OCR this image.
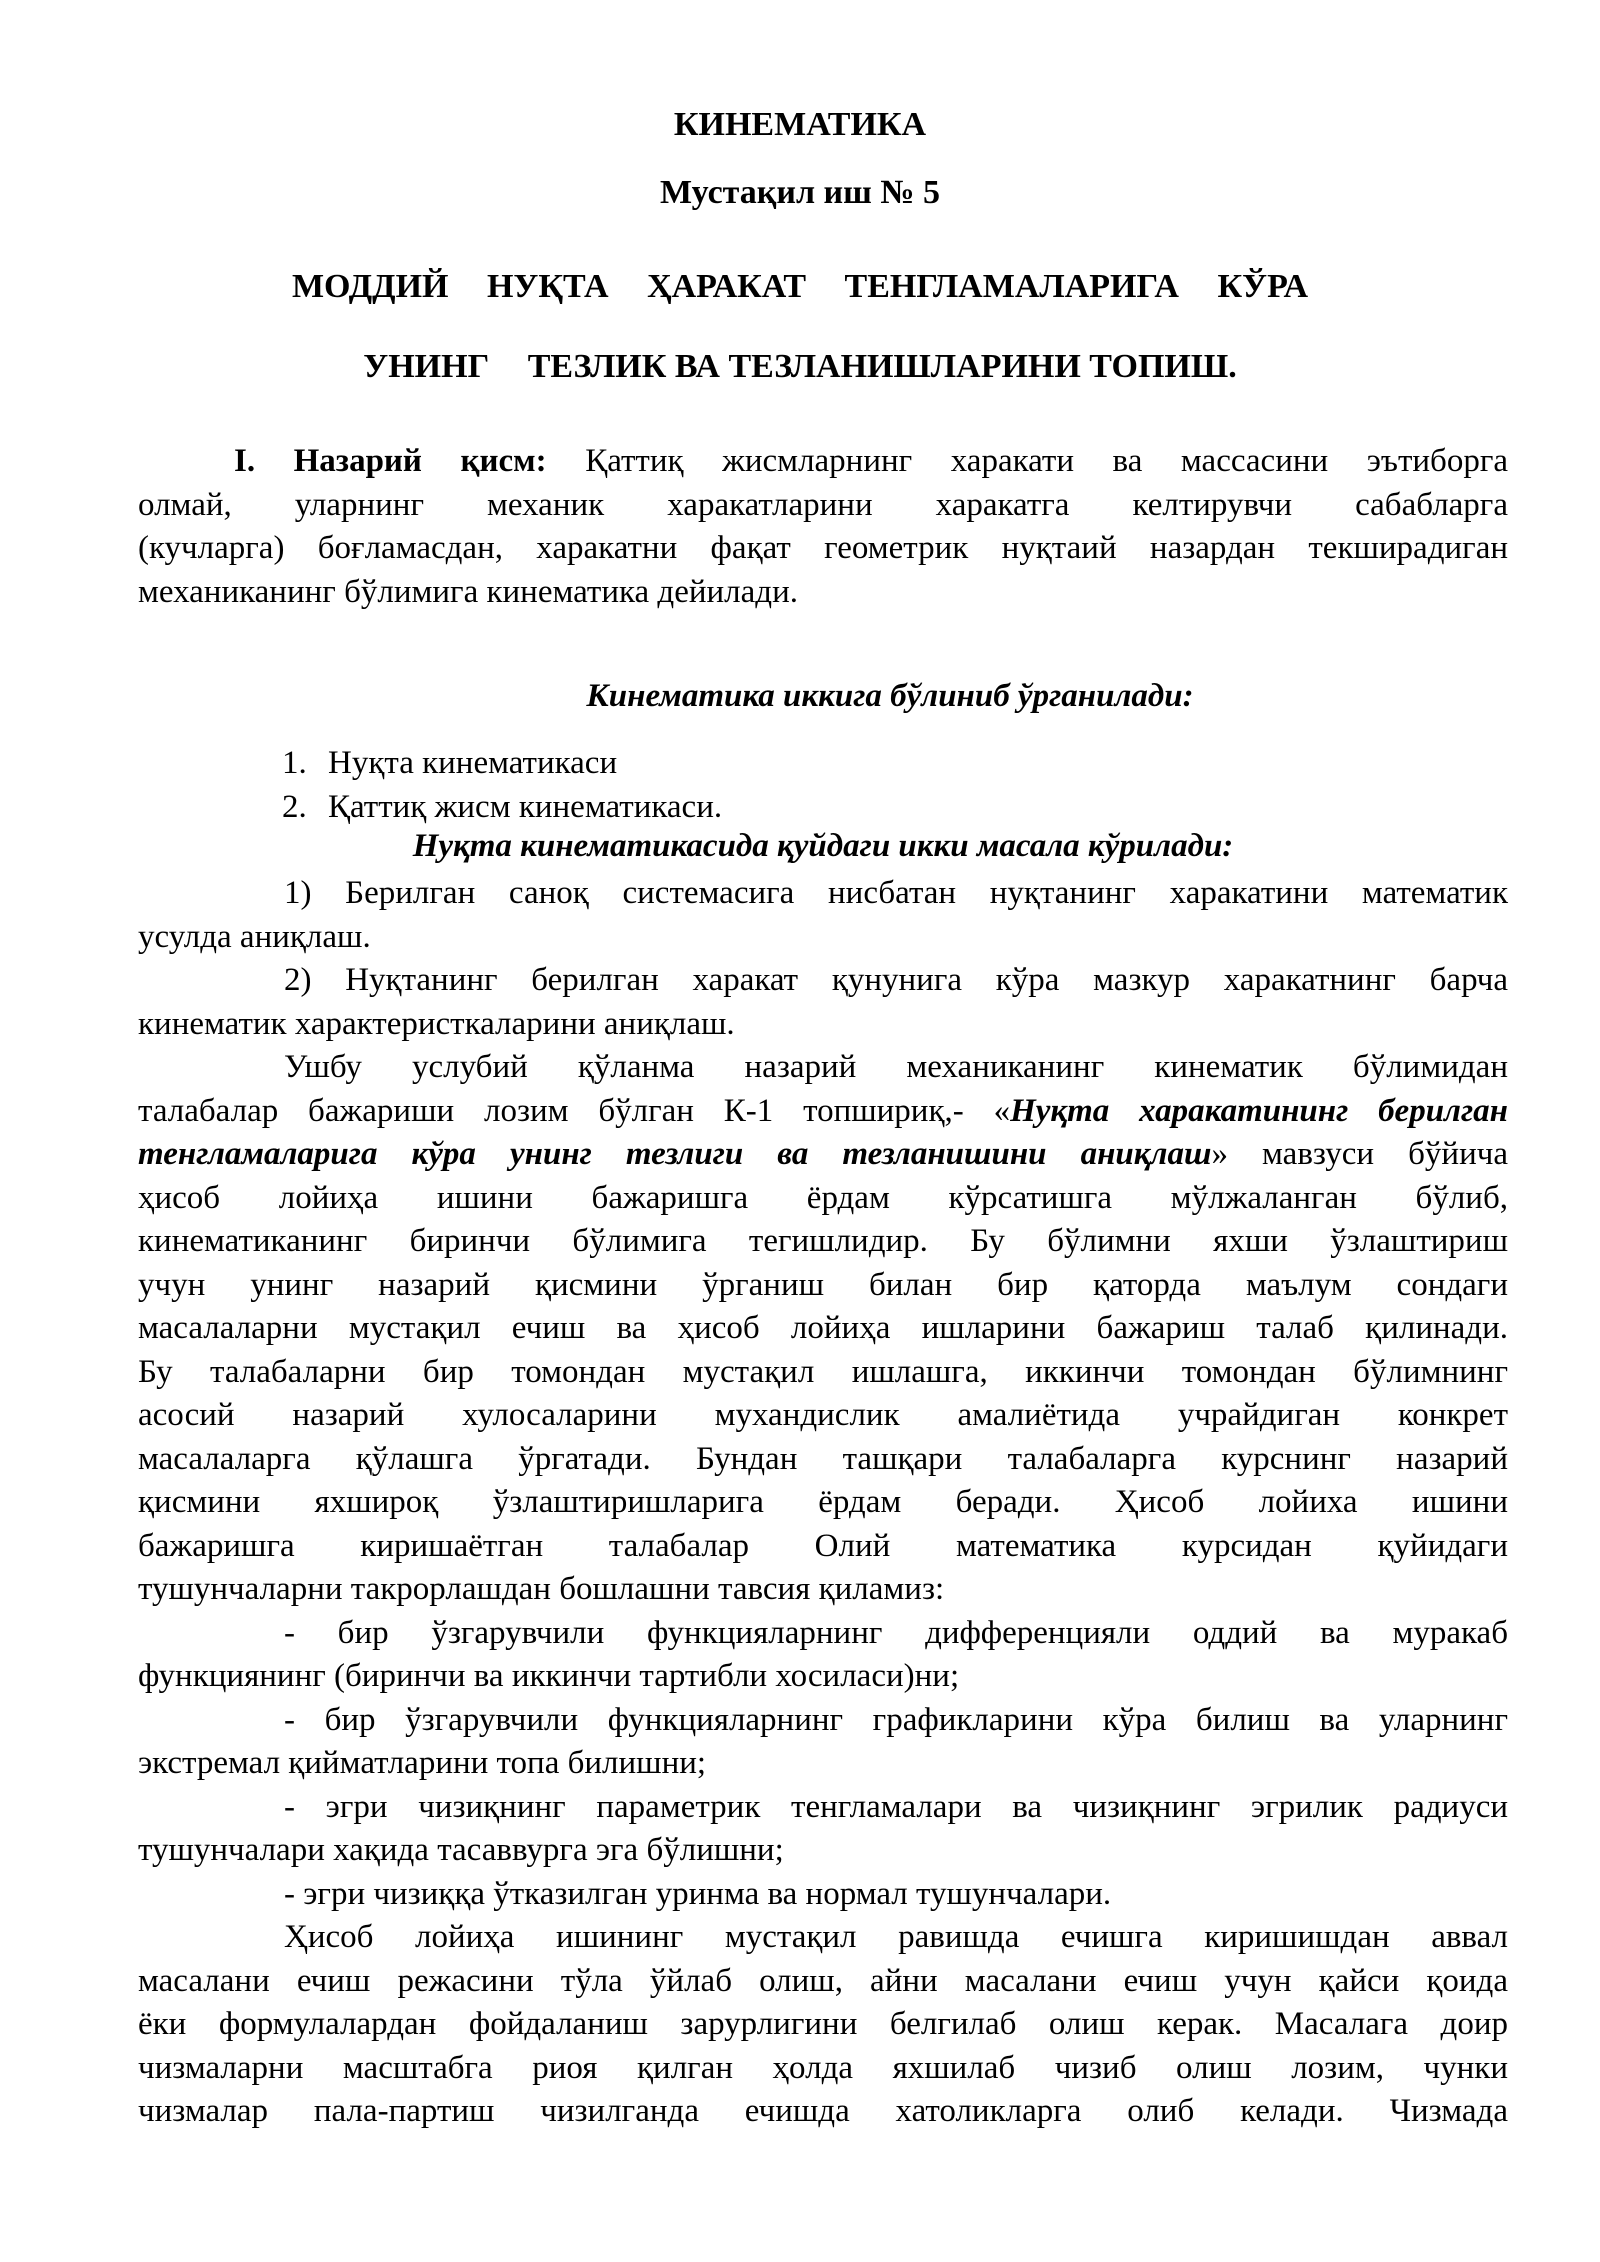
КИНЕМАТИКА
Мустақил иш № 5
МОДДИЙ НУҚТА ҲАРАКАТ ТЕНГЛАМАЛАРИГА КЎРА
УНИНГ ТЕЗЛИК ВА ТЕЗЛАНИШЛАРИНИ ТОПИШ.

I. Назарий қисм: Қаттиқ жисмларнинг харакати ва массасини эътиборга

олмай, уларнинг механик харакатларини харакатга келтирувчи сабабларга

(кучларга) боғламасдан, харакатни фақат геометрик нуқтаий назардан текширадиган

механиканинг бўлимига кинематика дейилади.

Кинематика иккига бўлиниб ўрганилади:

1. Нуқта кинематикаси
2. Қаттиқ жисм кинематикаси.

Нуқта кинематикасида қуйдаги икки масала кўрилади:

1) Берилган саноқ системасига нисбатан нуқтанинг харакатини математик

усулда аниқлаш.

2) Нуқтанинг берилган харакат қунунига кўра мазкур харакатнинг барча

кинематик характеристкаларини аниқлаш.

Ушбу услубий қўланма назарий механиканинг кинематик бўлимидан

талабалар бажариши лозим бўлган К-1 топшириқ,- «Нуқта харакатининг берилган

тенгламаларига кўра унинг тезлиги ва тезланишини аниқлаш» мавзуси бўйича

ҳисоб лойиҳа ишини бажаришга ёрдам кўрсатишга мўлжаланган бўлиб,

кинематиканинг биринчи бўлимига тегишлидир. Бу бўлимни яхши ўзлаштириш

учун унинг назарий қисмини ўрганиш билан бир қаторда маълум сондаги

масалаларни мустақил ечиш ва ҳисоб лойиҳа ишларини бажариш талаб қилинади.

Бу талабаларни бир томондан мустақил ишлашга, иккинчи томондан бўлимнинг

асосий назарий хулосаларини мухандислик амалиётида учрайдиган конкрет

масалаларга қўлашга ўргатади. Бундан ташқари талабаларга курснинг назарий

қисмини яхшироқ ўзлаштиришларига ёрдам беради. Ҳисоб лойиха ишини

бажаришга киришаётган талабалар Олий математика курсидан қуйидаги

тушунчаларни такрорлашдан бошлашни тавсия қиламиз:

- бир ўзгарувчили функцияларнинг дифференцияли оддий ва муракаб

функциянинг (биринчи ва иккинчи тартибли хосиласи)ни;

- бир ўзгарувчили функцияларнинг графикларини кўра билиш ва уларнинг

экстремал қийматларини топа билишни;

- эгри чизиқнинг параметрик тенгламалари ва чизиқнинг эгрилик радиуси

тушунчалари хақида тасаввурга эга бўлишни;

- эгри чизиққа ўтказилган уринма ва нормал тушунчалари.

Ҳисоб лойиҳа ишининг мустақил равишда ечишга киришишдан аввал

масалани ечиш режасини тўла ўйлаб олиш, айни масалани ечиш учун қайси қоида

ёки формулалардан фойдаланиш зарурлигини белгилаб олиш керак. Масалага доир

чизмаларни масштабга риоя қилган ҳолда яхшилаб чизиб олиш лозим, чунки

чизмалар пала-партиш чизилганда ечишда хатоликларга олиб келади. Чизмада
